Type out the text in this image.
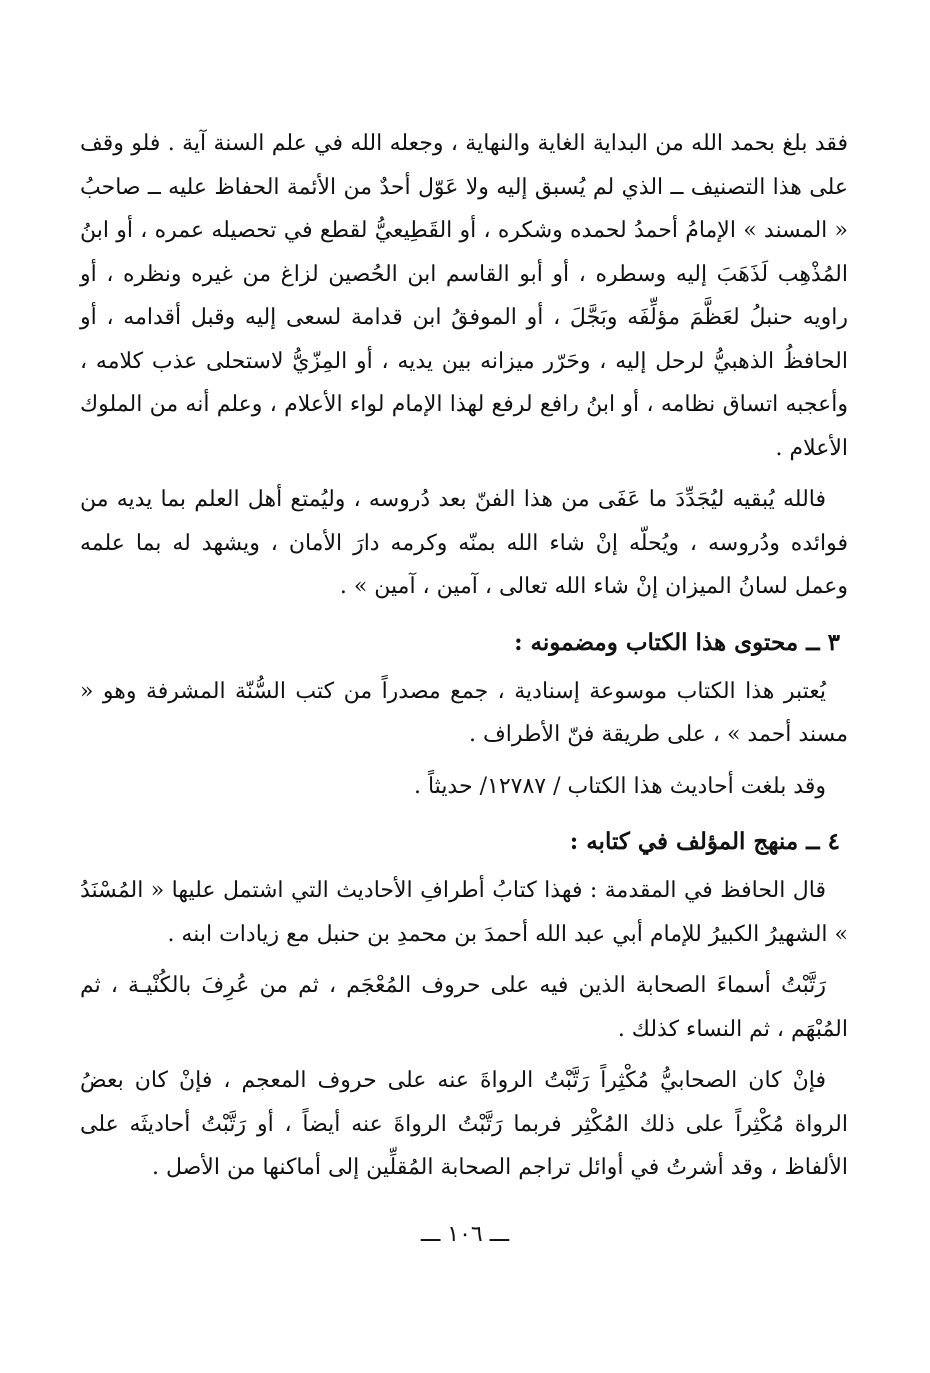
فقد بلغ بحمد الله من البداية الغاية والنهاية ، وجعله الله في علم السنة آية . فلو وقف على هذا التصنيف ــ الذي لم يُسبق إليه ولا عَوّل أحدٌ من الأئمة الحفاظ عليه ــ صاحبُ « المسند » الإمامُ أحمدُ لحمده وشكره ، أو القَطِيعيُّ لقطع في تحصيله عمره ، أو ابنُ المُذْهِب لَذَهَبَ إليه وسطره ، أو أبو القاسم ابن الحُصين لزاغ من غيره ونظره ، أو راويه حنبلُ لعَظَّمَ مؤلِّفَه وبَجَّلَ ، أو الموفقُ ابن قدامة لسعى إليه وقبل أقدامه ، أو الحافظُ الذهبيُّ لرحل إليه ، وحَرّر ميزانه بين يديه ، أو المِزّيُّ لاستحلى عذب كلامه ، وأعجبه اتساق نظامه ، أو ابنُ رافع لرفع لهذا الإمام لواء الأعلام ، وعلم أنه من الملوك الأعلام .

فالله يُبقيه ليُجَدِّدَ ما عَفَى من هذا الفنّ بعد دُروسه ، وليُمتع أهل العلم بما يديه من فوائده ودُروسه ، ويُحلّه إنْ شاء الله بمنّه وكرمه دارَ الأمان ، ويشهد له بما علمه وعمل لسانُ الميزان إنْ شاء الله تعالى ، آمين ، آمين » .

٣ ــ محتوى هذا الكتاب ومضمونه :

يُعتبر هذا الكتاب موسوعة إسنادية ، جمع مصدراً من كتب السُّنّة المشرفة وهو « مسند أحمد » ، على طريقة فنّ الأطراف .

وقد بلغت أحاديث هذا الكتاب / ١٢٧٨٧/ حديثاً .

٤ ــ منهج المؤلف في كتابه :

قال الحافظ في المقدمة : فهذا كتابُ أطرافِ الأحاديث التي اشتمل عليها « المُسْنَدُ » الشهيرُ الكبيرُ للإمام أبي عبد الله أحمدَ بن محمدِ بن حنبل مع زيادات ابنه .

رَتَّبْتُ أسماءَ الصحابة الذين فيه على حروف المُعْجَم ، ثم من عُرِفَ بالكُنْيـة ، ثم المُبْهَم ، ثم النساء كذلك .

فإنْ كان الصحابيُّ مُكْثِراً رَتَّبْتُ الرواةَ عنه على حروف المعجم ، فإنْ كان بعضُ الرواة مُكْثِراً على ذلك المُكْثِر فربما رَتَّبْتُ الرواةَ عنه أيضاً ، أو رَتَّبْتُ أحاديثَه على الألفاظ ، وقد أشرتُ في أوائل تراجم الصحابة المُقلِّين إلى أماكنها من الأصل .

ـــ ١٠٦ ـــ
